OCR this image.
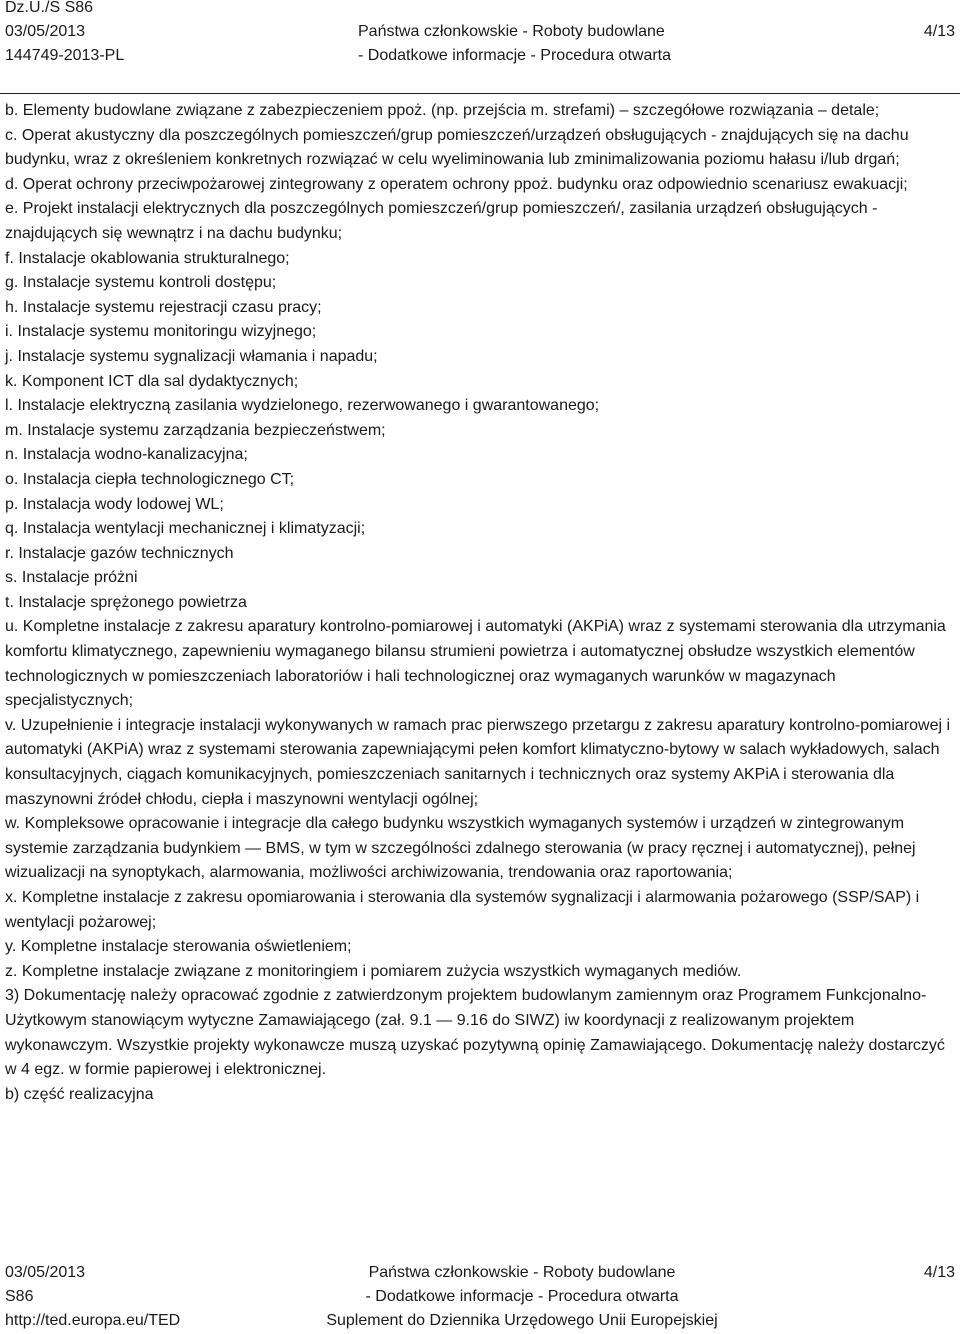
Dz.U./S S86
03/05/2013
144749-2013-PL
Państwa członkowskie - Roboty budowlane
- Dodatkowe informacje - Procedura otwarta
4/13

b. Elementy budowlane związane z zabezpieczeniem ppoż. (np. przejścia m. strefami) – szczegółowe rozwiązania – detale;

c. Operat akustyczny dla poszczególnych pomieszczeń/grup pomieszczeń/urządzeń obsługujących - znajdujących się na dachu budynku, wraz z określeniem konkretnych rozwiązać w celu wyeliminowania lub zminimalizowania poziomu hałasu i/lub drgań;

d. Operat ochrony przeciwpożarowej zintegrowany z operatem ochrony ppoż. budynku oraz odpowiednio scenariusz ewakuacji;

e. Projekt instalacji elektrycznych dla poszczególnych pomieszczeń/grup pomieszczeń/, zasilania urządzeń obsługujących - znajdujących się wewnątrz i na dachu budynku;

f. Instalacje okablowania strukturalnego;

g. Instalacje systemu kontroli dostępu;

h. Instalacje systemu rejestracji czasu pracy;

i. Instalacje systemu monitoringu wizyjnego;

j. Instalacje systemu sygnalizacji włamania i napadu;

k. Komponent ICT dla sal dydaktycznych;

l. Instalacje elektryczną zasilania wydzielonego, rezerwowanego i gwarantowanego;

m. Instalacje systemu zarządzania bezpieczeństwem;

n. Instalacja wodno-kanalizacyjna;

o. Instalacja ciepła technologicznego CT;

p. Instalacja wody lodowej WL;

q. Instalacja wentylacji mechanicznej i klimatyzacji;

r. Instalacje gazów technicznych

s. Instalacje próżni

t. Instalacje sprężonego powietrza

u. Kompletne instalacje z zakresu aparatury kontrolno-pomiarowej i automatyki (AKPiA) wraz z systemami sterowania dla utrzymania komfortu klimatycznego, zapewnieniu wymaganego bilansu strumieni powietrza i automatycznej obsłudze wszystkich elementów technologicznych w pomieszczeniach laboratoriów i hali technologicznej oraz wymaganych warunków w magazynach specjalistycznych;

v. Uzupełnienie i integracje instalacji wykonywanych w ramach prac pierwszego przetargu z zakresu aparatury kontrolno-pomiarowej i automatyki (AKPiA) wraz z systemami sterowania zapewniającymi pełen komfort klimatyczno-bytowy w salach wykładowych, salach konsultacyjnych, ciągach komunikacyjnych, pomieszczeniach sanitarnych i technicznych oraz systemy AKPiA i sterowania dla maszynowni źródeł chłodu, ciepła i maszynowni wentylacji ogólnej;

w. Kompleksowe opracowanie i integracje dla całego budynku wszystkich wymaganych systemów i urządzeń w zintegrowanym systemie zarządzania budynkiem — BMS, w tym w szczególności zdalnego sterowania (w pracy ręcznej i automatycznej), pełnej wizualizacji na synoptykach, alarmowania, możliwości archiwizowania, trendowania oraz raportowania;

x. Kompletne instalacje z zakresu opomiarowania i sterowania dla systemów sygnalizacji i alarmowania pożarowego (SSP/SAP) i wentylacji pożarowej;

y. Kompletne instalacje sterowania oświetleniem;

z. Kompletne instalacje związane z monitoringiem i pomiarem zużycia wszystkich wymaganych mediów.

3) Dokumentację należy opracować zgodnie z zatwierdzonym projektem budowlanym zamiennym oraz Programem Funkcjonalno-Użytkowym stanowiącym wytyczne Zamawiającego (zał. 9.1 — 9.16 do SIWZ) iw koordynacji z realizowanym projektem wykonawczym. Wszystkie projekty wykonawcze muszą uzyskać pozytywną opinię Zamawiającego. Dokumentację należy dostarczyć w 4 egz. w formie papierowej i elektronicznej.

b) część realizacyjna

03/05/2013
S86
http://ted.europa.eu/TED
Państwa członkowskie - Roboty budowlane
- Dodatkowe informacje - Procedura otwarta
Suplement do Dziennika Urzędowego Unii Europejskiej
4/13
